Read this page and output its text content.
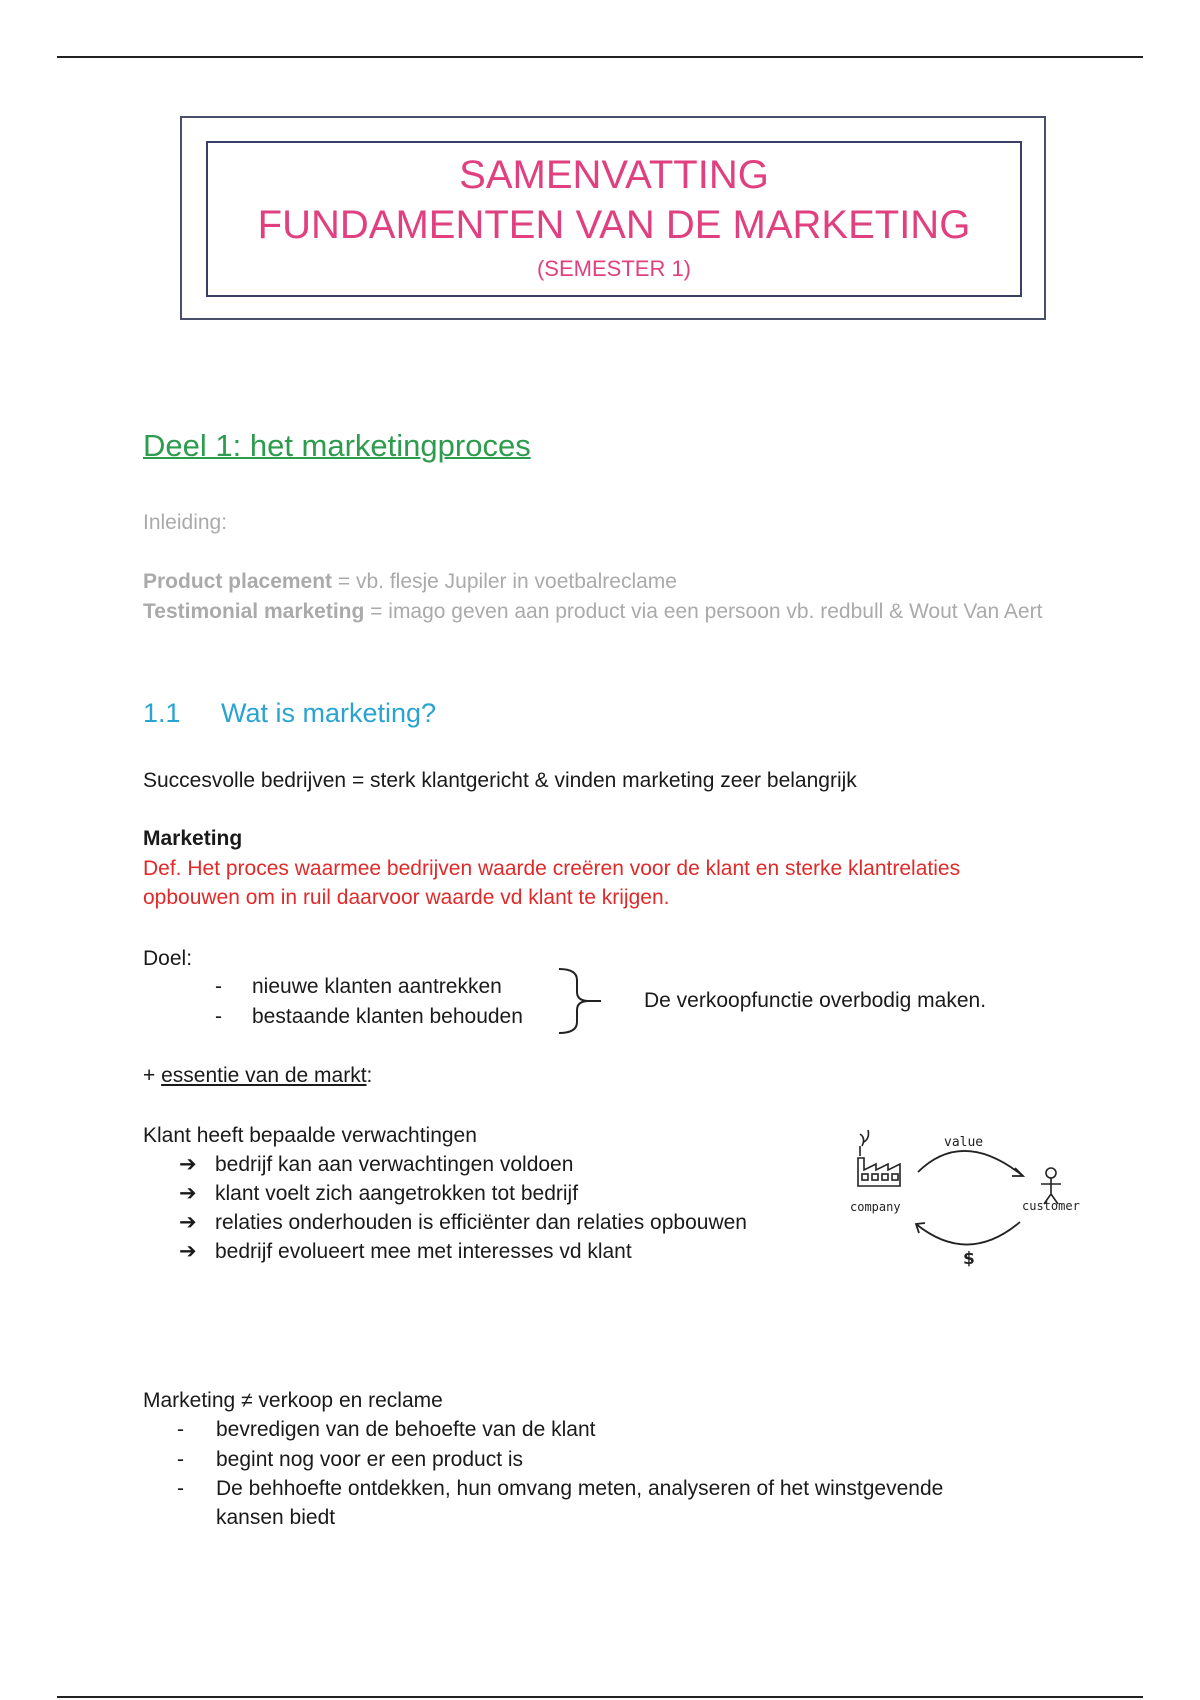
SAMENVATTING
FUNDAMENTEN VAN DE MARKETING
(SEMESTER 1)
Deel 1: het marketingproces
Inleiding:
Product placement = vb. flesje Jupiler in voetbalreclame
Testimonial marketing = imago geven aan product via een persoon vb. redbull & Wout Van Aert
1.1 Wat is marketing?
Succesvolle bedrijven = sterk klantgericht & vinden marketing zeer belangrijk
Marketing
Def. Het proces waarmee bedrijven waarde creëren voor de klant en sterke klantrelaties opbouwen om in ruil daarvoor waarde vd klant te krijgen.
Doel:
- nieuwe klanten aantrekken
- bestaande klanten behouden
De verkoopfunctie overbodig maken.
+ essentie van de markt:
Klant heeft bepaalde verwachtingen
➔ bedrijf kan aan verwachtingen voldoen
➔ klant voelt zich aangetrokken tot bedrijf
➔ relaties onderhouden is efficiënter dan relaties opbouwen
➔ bedrijf evolueert mee met interesses vd klant
Marketing ≠ verkoop en reclame
- bevredigen van de behoefte van de klant
- begint nog voor er een product is
- De behhoefte ontdekken, hun omvang meten, analyseren of het winstgevende kansen biedt
company
value
customer
$
